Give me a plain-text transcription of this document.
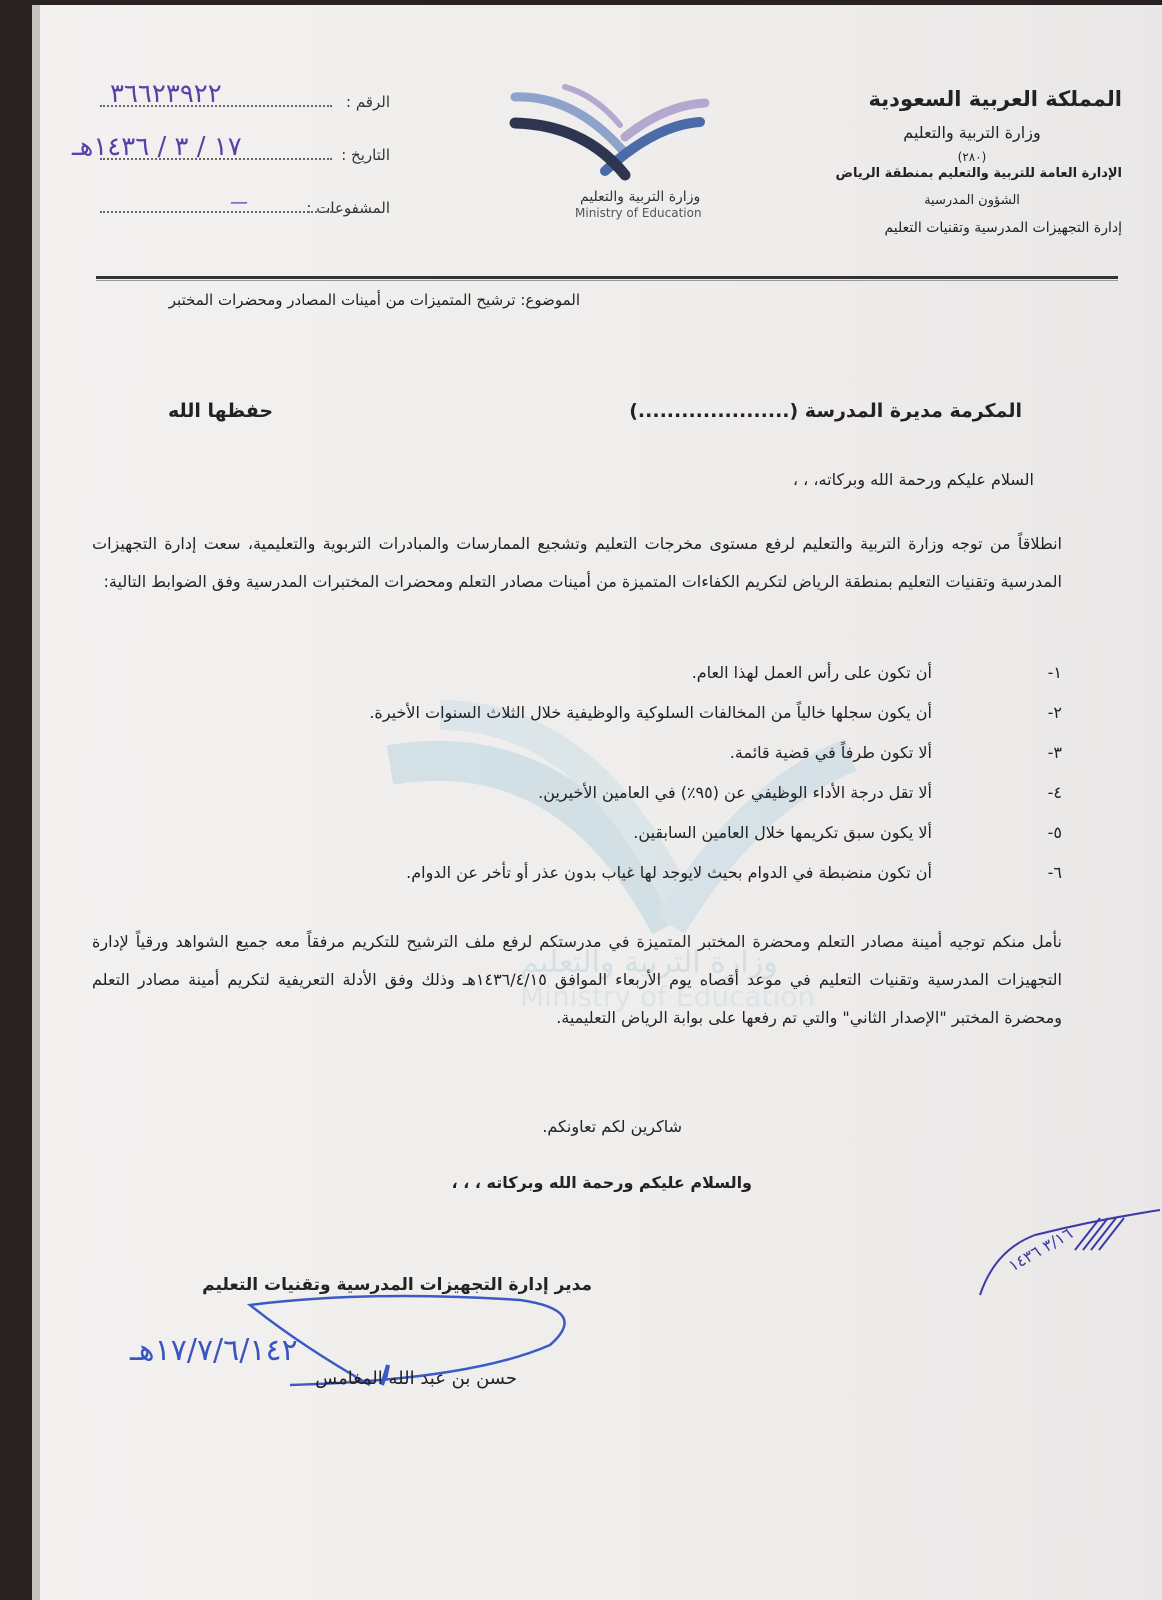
وزارة التربية والتعليم
Ministry of Education
المملكة العربية السعودية
وزارة التربية والتعليم
(٢٨٠)
الإدارة العامة للتربية والتعليم بمنطقة الرياض
الشؤون المدرسية
إدارة التجهيزات المدرسية وتقنيات التعليم
وزارة التربية والتعليم
Ministry of Education
الرقم :
٣٦٦٢٣٩٢٢
التاريخ :
١٧ / ٣ / ١٤٣٦هـ
المشفوعات :
—
الموضوع: ترشيح المتميزات من أمينات المصادر ومحضرات المختبر
المكرمة مديرة المدرسة (.....................)
حفظها الله
السلام عليكم ورحمة الله وبركاته، ، ،
انطلاقاً من توجه وزارة التربية والتعليم لرفع مستوى مخرجات التعليم وتشجيع الممارسات والمبادرات التربوية والتعليمية، سعت إدارة التجهيزات المدرسية وتقنيات التعليم بمنطقة الرياض لتكريم الكفاءات المتميزة من أمينات مصادر التعلم ومحضرات المختبرات المدرسية وفق الضوابط التالية:
١-
أن تكون على رأس العمل لهذا العام.
٢-
أن يكون سجلها خالياً من المخالفات السلوكية والوظيفية خلال الثلاث السنوات الأخيرة.
٣-
ألا تكون طرفاً في قضية قائمة.
٤-
ألا تقل درجة الأداء الوظيفي عن (٩٥٪) في العامين الأخيرين.
٥-
ألا يكون سبق تكريمها خلال العامين السابقين.
٦-
أن تكون منضبطة في الدوام بحيث لايوجد لها غياب بدون عذر أو تأخر عن الدوام.
نأمل منكم توجيه أمينة مصادر التعلم ومحضرة المختبر المتميزة في مدرستكم لرفع ملف الترشيح للتكريم مرفقاً معه جميع الشواهد ورقياً لإدارة التجهيزات المدرسية وتقنيات التعليم في موعد أقصاه يوم الأربعاء الموافق ١٤٣٦/٤/١٥هـ وذلك وفق الأدلة التعريفية لتكريم أمينة مصادر التعلم ومحضرة المختبر "الإصدار الثاني" والتي تم رفعها على بوابة الرياض التعليمية.
شاكرين لكم تعاونكم.
والسلام عليكم ورحمة الله وبركاته ، ، ،
٣/١٦ ١٤٣٦
مدير إدارة التجهيزات المدرسية وتقنيات التعليم
١٧/٧/٦/١٤٢هـ
حسن بن عبد الله المغامس
